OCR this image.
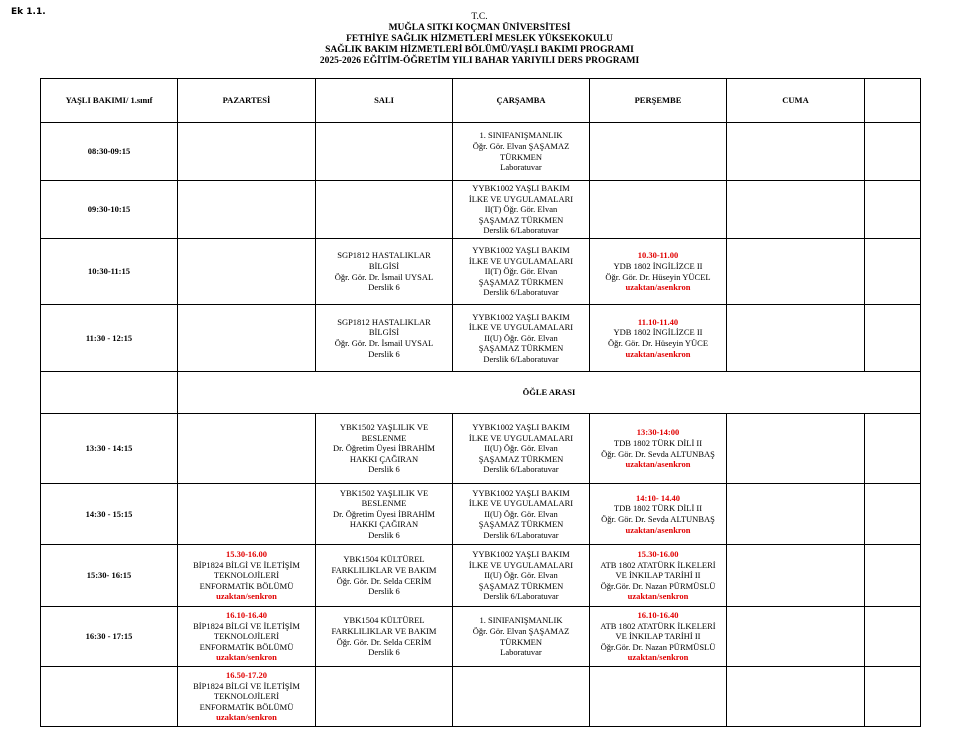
Ek 1.1.	T.C.
MUĞLA SITKI KOÇMAN ÜNİVERSİTESİ
FETHİYE SAĞLIK HİZMETLERİ MESLEK YÜKSEKOKULU
SAĞLIK BAKIM HİZMETLERİ BÖLÜMÜ/YAŞLI BAKIMI PROGRAMI
2025-2026 EĞİTİM-ÖĞRETİM YILI BAHAR YARIYILI DERS PROGRAMI
YAŞLI BAKIMI/ 1.sınıf	PAZARTESİ	SALI	ÇARŞAMBA	PERŞEMBE	CUMA	
08:30-09:15			1. SINIFANIŞMANLIK
Öğr. Gör. Elvan ŞAŞAMAZ
TÜRKMEN
Laboratuvar			

09:30-10:15			YYBK1002 YAŞLI BAKIM
İLKE VE UYGULAMALARI
II(T) Öğr. Gör. Elvan
ŞAŞAMAZ TÜRKMEN
Derslik 6/Laboratuvar			

10:30-11:15		SGP1812 HASTALIKLAR
BİLGİSİ
Öğr. Gör. Dr. İsmail UYSAL
Derslik 6	YYBK1002 YAŞLI BAKIM
İLKE VE UYGULAMALARI
II(T) Öğr. Gör. Elvan
ŞAŞAMAZ TÜRKMEN
Derslik 6/Laboratuvar	10.30-11.00
YDB 1802 İNGİLİZCE II
Öğr. Gör. Dr. Hüseyin YÜCEL
uzaktan/asenkron		

11:30 - 12:15		SGP1812 HASTALIKLAR
BİLGİSİ
Öğr. Gör. Dr. İsmail UYSAL
Derslik 6	YYBK1002 YAŞLI BAKIM
İLKE VE UYGULAMALARI
II(U) Öğr. Gör. Elvan
ŞAŞAMAZ TÜRKMEN
Derslik 6/Laboratuvar	11.10-11.40
YDB 1802 İNGİLİZCE II
Öğr. Gör. Dr. Hüseyin YÜCE
uzaktan/asenkron		

	ÖĞLE ARASI					
13:30 - 14:15		YBK1502 YAŞLILIK VE
BESLENME
Dr. Öğretim Üyesi İBRAHİM
HAKKI ÇAĞIRAN
Derslik 6	YYBK1002 YAŞLI BAKIM
İLKE VE UYGULAMALARI
II(U) Öğr. Gör. Elvan
ŞAŞAMAZ TÜRKMEN
Derslik 6/Laboratuvar	13:30-14:00
TDB 1802 TÜRK DİLİ II
Öğr. Gör. Dr. Sevda ALTUNBAŞ
uzaktan/asenkron		

14:30 - 15:15		YBK1502 YAŞLILIK VE
BESLENME
Dr. Öğretim Üyesi İBRAHİM
HAKKI ÇAĞIRAN
Derslik 6	YYBK1002 YAŞLI BAKIM
İLKE VE UYGULAMALARI
II(U) Öğr. Gör. Elvan
ŞAŞAMAZ TÜRKMEN
Derslik 6/Laboratuvar	14:10- 14.40
TDB 1802 TÜRK DİLİ II
Öğr. Gör. Dr. Sevda ALTUNBAŞ
uzaktan/asenkron		

15:30- 16:15	15.30-16.00
BİP1824 BİLGİ VE İLETİŞİM
TEKNOLOJİLERİ
ENFORMATİK BÖLÜMÜ
uzaktan/senkron	YBK1504 KÜLTÜREL
FARKLILIKLAR VE BAKIM
Öğr. Gör. Dr. Selda CERİM
Derslik 6	YYBK1002 YAŞLI BAKIM
İLKE VE UYGULAMALARI
II(U) Öğr. Gör. Elvan
ŞAŞAMAZ TÜRKMEN
Derslik 6/Laboratuvar	15.30-16.00
ATB 1802 ATATÜRK İLKELERİ
VE İNKILAP TARİHİ II
Öğr.Gör. Dr. Nazan PÜRMÜSLÜ
uzaktan/senkron		

16:30 - 17:15	16.10-16.40
BİP1824 BİLGİ VE İLETİŞİM
TEKNOLOJİLERİ
ENFORMATİK BÖLÜMÜ
uzaktan/senkron	YBK1504 KÜLTÜREL
FARKLILIKLAR VE BAKIM
Öğr. Gör. Dr. Selda CERİM
Derslik 6	1. SINIFANIŞMANLIK
Öğr. Gör. Elvan ŞAŞAMAZ
TÜRKMEN
Laboratuvar	16.10-16.40
ATB 1802 ATATÜRK İLKELERİ
VE İNKILAP TARİHİ II
Öğr.Gör. Dr. Nazan PÜRMÜSLÜ
uzaktan/senkron		

	16.50-17.20
BİP1824 BİLGİ VE İLETİŞİM
TEKNOLOJİLERİ
ENFORMATİK BÖLÜMÜ
uzaktan/senkron					
